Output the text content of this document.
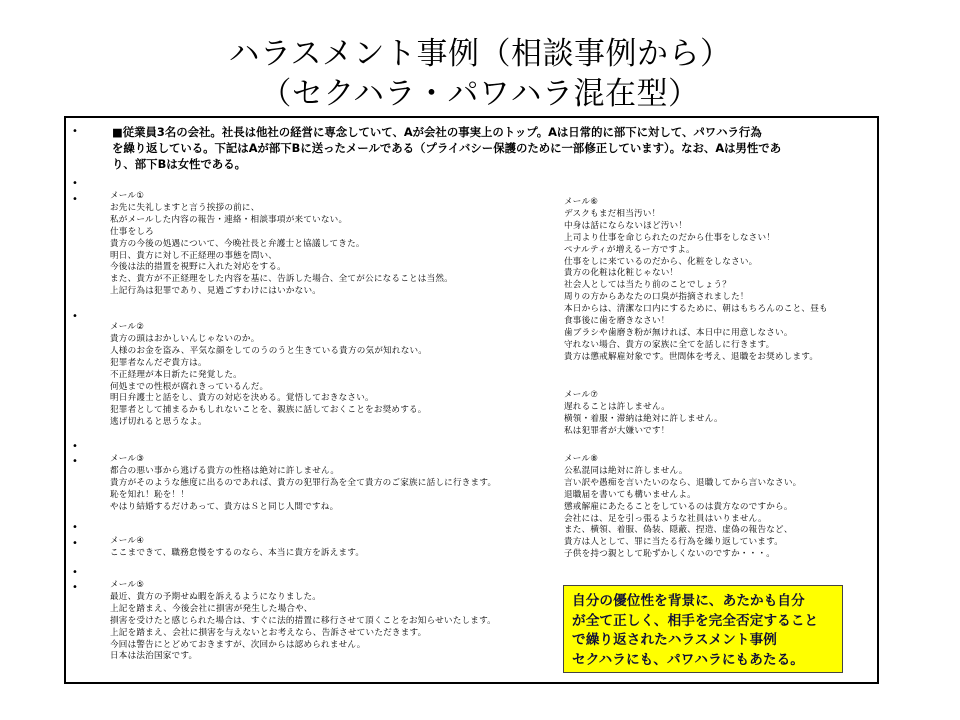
ハラスメント事例（相談事例から）
（セクハラ・パワハラ混在型）
•
•
•
•
•
•
•
•
•
•
■従業員3名の会社。社長は他社の経営に専念していて、Aが会社の事実上のトップ。Aは日常的に部下に対して、パワハラ行為
を繰り返している。下記はAが部下Bに送ったメールである（プライバシー保護のために一部修正しています）。なお、Aは男性であ
り、部下Bは女性である。
メール①
お先に失礼しますと言う挨拶の前に、
私がメールした内容の報告・連絡・相談事項が来ていない。
仕事をしろ
貴方の今後の処遇について、今晩社長と弁護士と協議してきた。
明日、貴方に対し不正経理の事態を問い、
今後は法的措置を視野に入れた対応をする。
また、貴方が不正経理をした内容を基に、告訴した場合、全てが公になることは当然。
上記行為は犯罪であり、見過ごすわけにはいかない。
メール②
貴方の頭はおかしいんじゃないのか。
人様のお金を盗み、平気な顔をしてのうのうと生きている貴方の気が知れない。
犯罪者なんだぞ貴方は。
不正経理が本日新たに発覚した。
何処までの性根が腐れきっているんだ。
明日弁護士と話をし、貴方の対応を決める。覚悟しておきなさい。
犯罪者として捕まるかもしれないことを、親族に話しておくことをお奨めする。
逃げ切れると思うなよ。
メール③
都合の悪い事から逃げる貴方の性格は絶対に許しません。
貴方がそのような態度に出るのであれば、貴方の犯罪行為を全て貴方のご家族に話しに行きます。
恥を知れ！恥を！！
やはり結婚するだけあって、貴方はＳと同じ人間ですね。
メール④
ここまできて、職務怠慢をするのなら、本当に貴方を訴えます。
メール⑤
最近、貴方の予期せぬ暇を訴えるようになりました。
上記を踏まえ、今後会社に損害が発生した場合や、
損害を受けたと感じられた場合は、すぐに法的措置に移行させて頂くことをお知らせいたします。
上記を踏まえ、会社に損害を与えないとお考えなら、告訴させていただきます。
今回は警告にとどめておきますが、次回からは認められません。
日本は法治国家です。
メール⑥
デスクもまだ相当汚い！
中身は話にならないほど汚い！
上司より仕事を命じられたのだから仕事をしなさい！
ペナルティが増えるー方ですよ。
仕事をしに来ているのだから、化粧をしなさい。
貴方の化粧は化粧じゃない！
社会人としては当たり前のことでしょう？
周りの方からあなたの口臭が指摘されました！
本日からは、清潔な口内にするために、朝はもちろんのこと、昼も
食事後に歯を磨きなさい！
歯ブラシや歯磨き粉が無ければ、本日中に用意しなさい。
守れない場合、貴方の家族に全てを話しに行きます。
貴方は懲戒解雇対象です。世間体を考え、退職をお奨めします。
メール⑦
遅れることは許しません。
横領・着服・滞納は絶対に許しません。
私は犯罪者が大嫌いです！
メール⑧
公私混同は絶対に許しません。
言い訳や愚痴を言いたいのなら、退職してから言いなさい。
退職届を書いても構いませんよ。
懲戒解雇にあたることをしているのは貴方なのですから。
会社には、足を引っ張るような社員はいりません。
また、横領、着服、偽装、隠蔽、捏造、虚偽の報告など、
貴方は人として、罪に当たる行為を繰り返しています。
子供を持つ親として恥ずかしくないのですか・・・。
自分の優位性を背景に、あたかも自分
が全て正しく、相手を完全否定すること
で繰り返されたハラスメント事例
セクハラにも、パワハラにもあたる。
